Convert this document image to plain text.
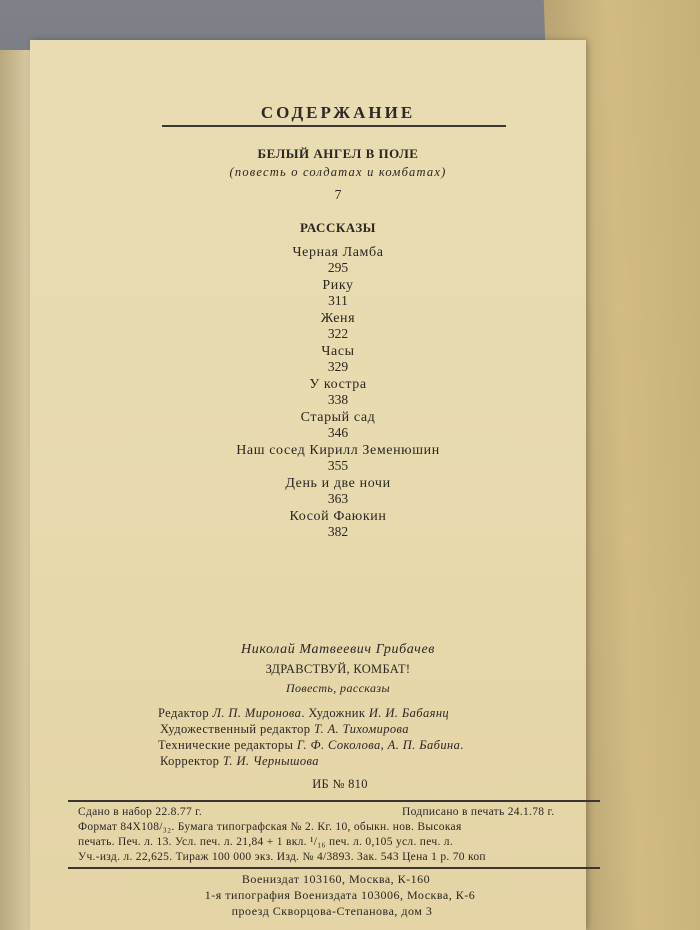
СОДЕРЖАНИЕ
БЕЛЫЙ АНГЕЛ В ПОЛЕ
(повесть о солдатах и комбатах)
7
РАССКАЗЫ
Черная Ламба
295
Рику
311
Женя
322
Часы
329
У костра
338
Старый сад
346
Наш сосед Кирилл Земенюшин
355
День и две ночи
363
Косой Фаюкин
382
Николай Матвеевич Грибачев
ЗДРАВСТВУЙ, КОМБАТ!
Повесть, рассказы
Редактор Л. П. Миронова. Художник И. И. Бабаянц
Художественный редактор Т. А. Тихомирова
Технические редакторы Г. Ф. Соколова, А. П. Бабина.
Корректор Т. И. Чернышова
ИБ № 810
Сдано в набор 22.8.77 г.	Подписано в печать 24.1.78 г.
Формат 84Х108/₃₂. Бумага типографская № 2. Кг. 10, обыкн. нов. Высокая
печать. Печ. л. 13. Усл. печ. л. 21,84 + 1 вкл. ¹/₁₆ печ. л. 0,105 усл. печ. л.
Уч.-изд. л. 22,625. Тираж 100 000 экз. Изд. № 4/3893. Зак. 543 Цена 1 р. 70 коп
Воениздат 103160, Москва, К-160
1-я типография Воениздата 103006, Москва, К-6
проезд Скворцова-Степанова, дом 3
